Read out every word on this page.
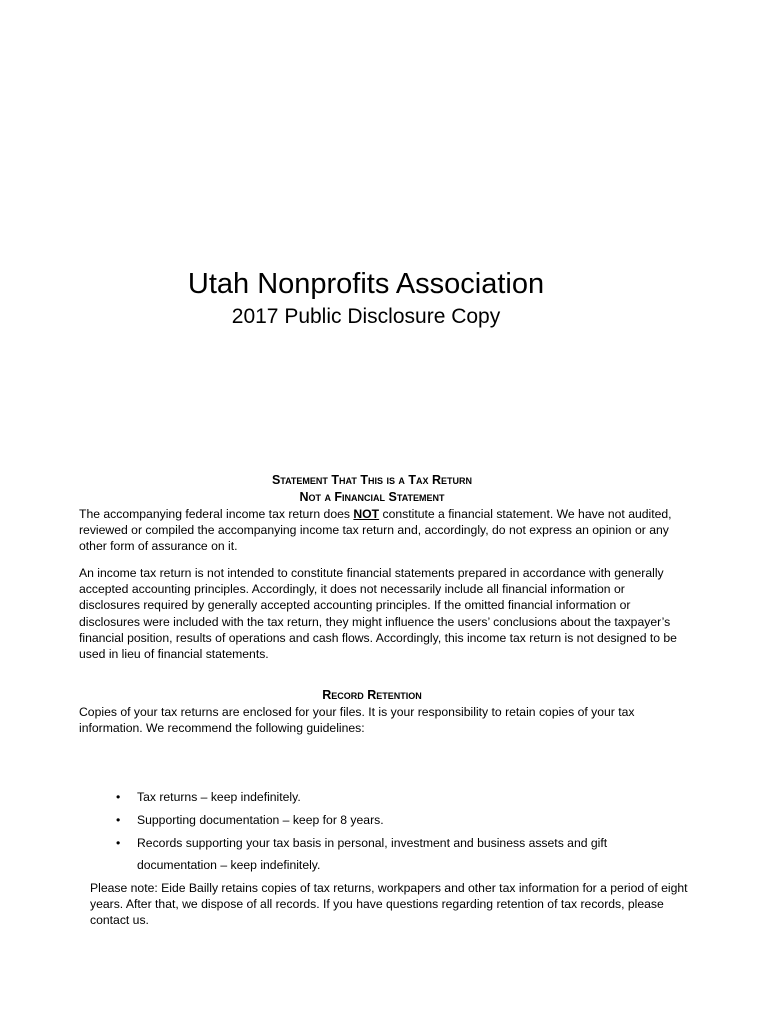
Utah Nonprofits Association
2017 Public Disclosure Copy
Statement That This is a Tax Return
Not a Financial Statement

The accompanying federal income tax return does NOT constitute a financial statement. We have not audited, reviewed or compiled the accompanying income tax return and, accordingly, do not express an opinion or any other form of assurance on it.

An income tax return is not intended to constitute financial statements prepared in accordance with generally accepted accounting principles. Accordingly, it does not necessarily include all financial information or disclosures required by generally accepted accounting principles. If the omitted financial information or disclosures were included with the tax return, they might influence the users’ conclusions about the taxpayer’s financial position, results of operations and cash flows. Accordingly, this income tax return is not designed to be used in lieu of financial statements.

Record Retention

Copies of your tax returns are enclosed for your files. It is your responsibility to retain copies of your tax information. We recommend the following guidelines:

• Tax returns – keep indefinitely.
• Supporting documentation – keep for 8 years.
• Records supporting your tax basis in personal, investment and business assets and gift documentation – keep indefinitely.

Please note: Eide Bailly retains copies of tax returns, workpapers and other tax information for a period of eight years. After that, we dispose of all records. If you have questions regarding retention of tax records, please contact us.
